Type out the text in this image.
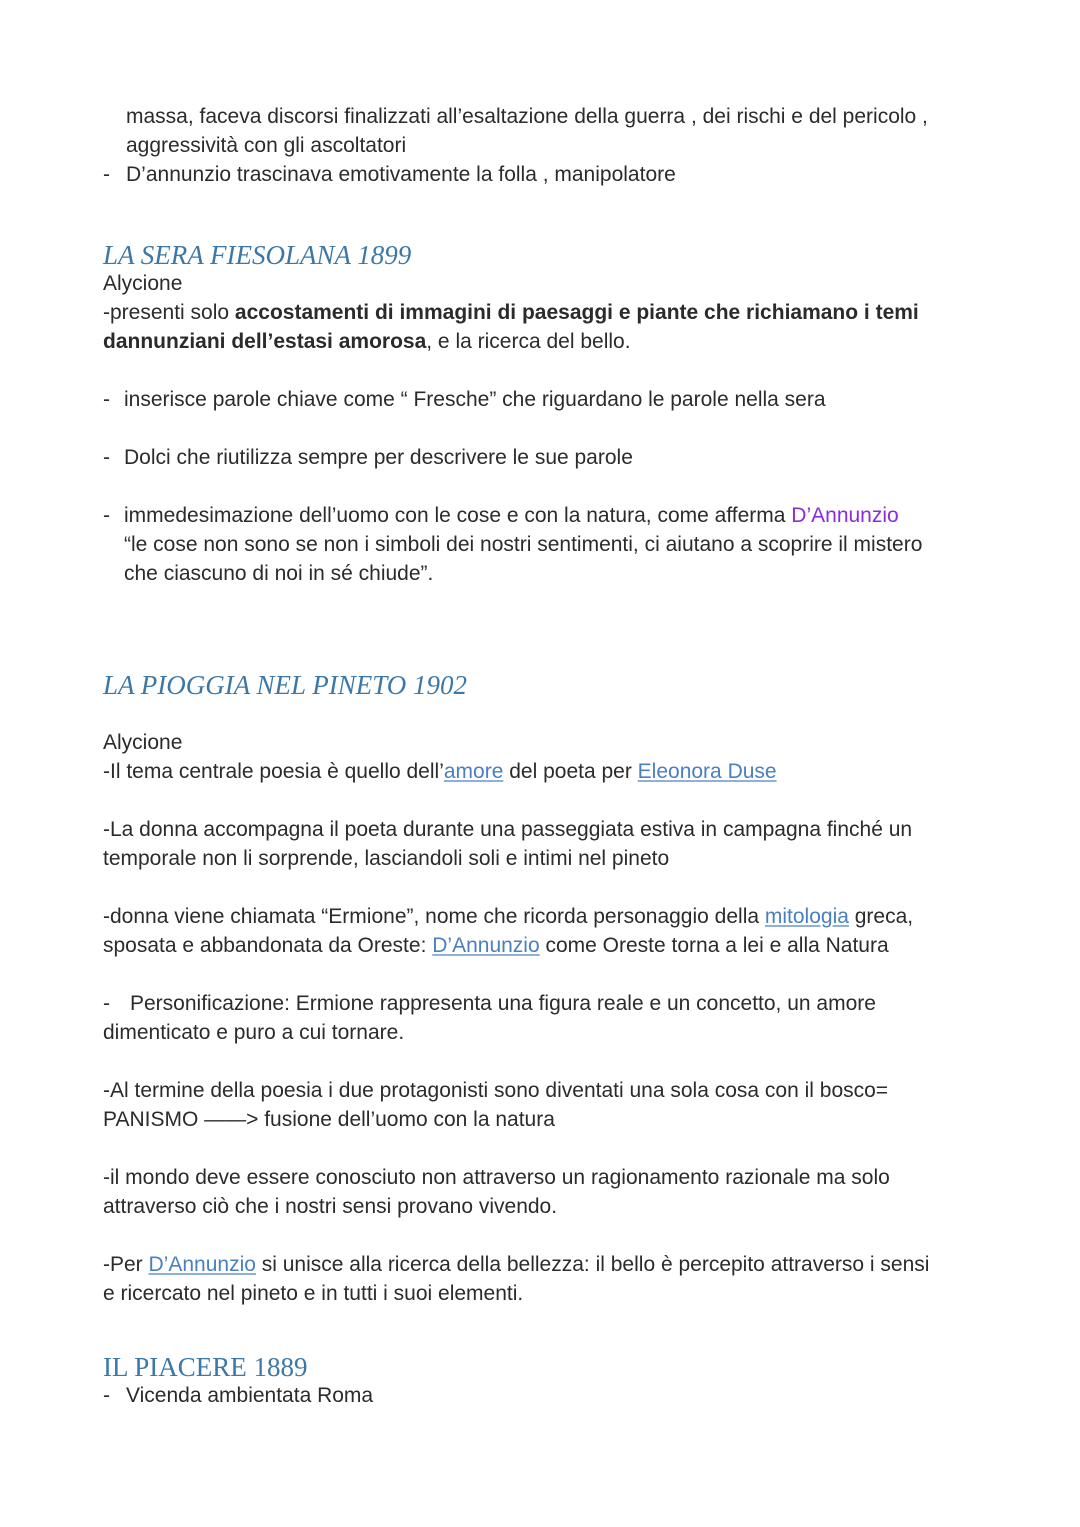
massa, faceva discorsi finalizzati all’esaltazione della guerra , dei rischi e del pericolo ,
aggressività con gli ascoltatori
- D’annunzio trascinava emotivamente la folla , manipolatore
LA SERA FIESOLANA 1899
Alycione
-presenti solo accostamenti di immagini di paesaggi e piante che richiamano i temi
dannunziani dell’estasi amorosa, e la ricerca del bello.
- inserisce parole chiave come “ Fresche” che riguardano le parole nella sera
- Dolci che riutilizza sempre per descrivere le sue parole
- immedesimazione dell’uomo con le cose e con la natura, come afferma D’Annunzio
“le cose non sono se non i simboli dei nostri sentimenti, ci aiutano a scoprire il mistero
che ciascuno di noi in sé chiude”.
LA PIOGGIA NEL PINETO 1902
Alycione
-Il tema centrale poesia è quello dell’amore del poeta per Eleonora Duse
-La donna accompagna il poeta durante una passeggiata estiva in campagna finché un
temporale non li sorprende, lasciandoli soli e intimi nel pineto
-donna viene chiamata “Ermione”, nome che ricorda personaggio della mitologia greca,
sposata e abbandonata da Oreste: D’Annunzio come Oreste torna a lei e alla Natura
- Personificazione: Ermione rappresenta una figura reale e un concetto, un amore
dimenticato e puro a cui tornare.
-Al termine della poesia i due protagonisti sono diventati una sola cosa con il bosco=
PANISMO ——> fusione dell’uomo con la natura
-il mondo deve essere conosciuto non attraverso un ragionamento razionale ma solo
attraverso ciò che i nostri sensi provano vivendo.
-Per D’Annunzio si unisce alla ricerca della bellezza: il bello è percepito attraverso i sensi
e ricercato nel pineto e in tutti i suoi elementi.
IL PIACERE 1889
- Vicenda ambientata Roma
